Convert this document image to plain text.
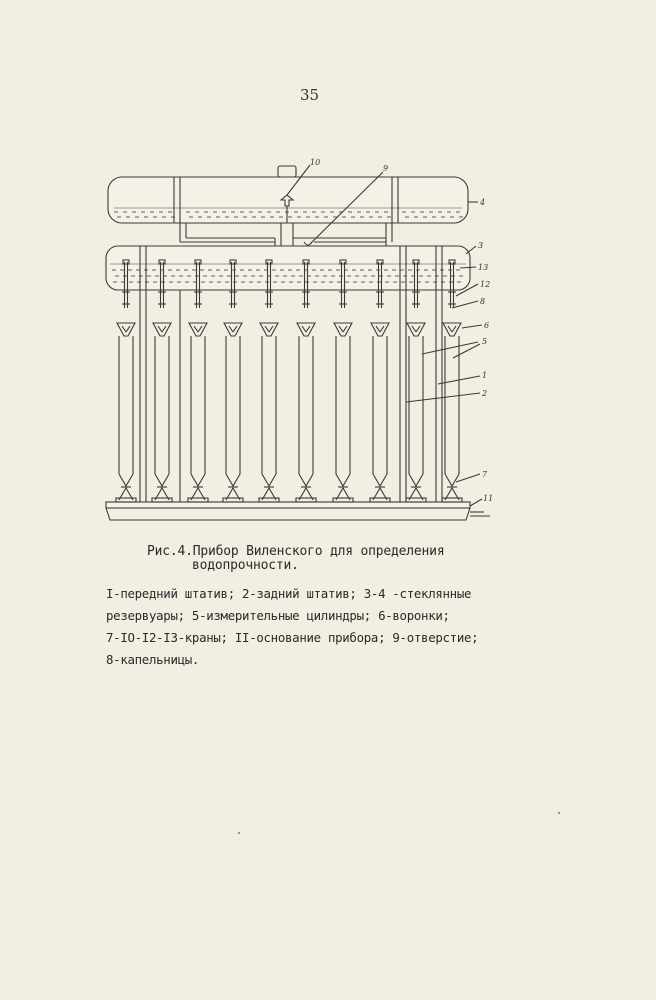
35
10
9
4
3
13
12
8
6
5
1
2
7
11
Рис.4.Прибор Виленского для определения
водопрочности.
I-передний штатив; 2-задний штатив; 3-4 -стеклянные
резервуары; 5-измерительные цилиндры; 6-воронки;
7-IO-I2-I3-краны; II-основание прибора; 9-отверстие;
8-капельницы.
